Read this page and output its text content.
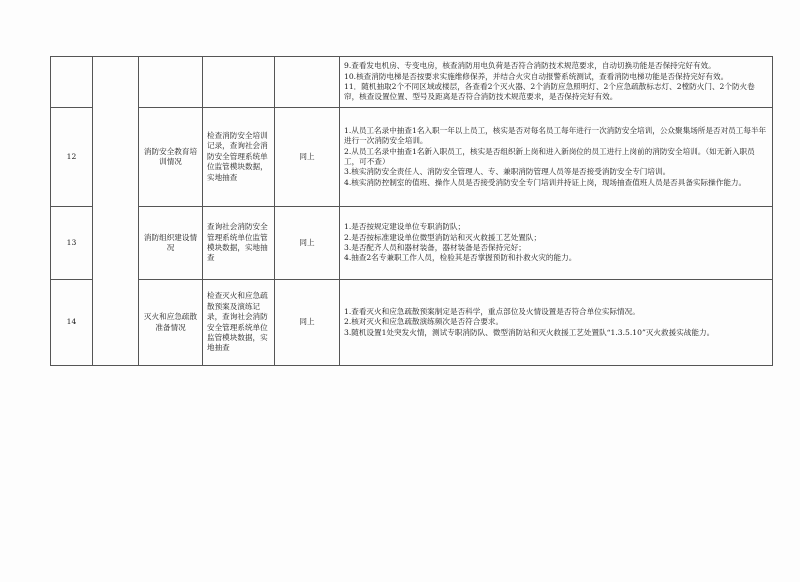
					9.查看发电机房、专变电房，核查消防用电负荷是否符合消防技术规范要求，自动切换功能是否保持完好有效。
10.核查消防电梯是否按要求实施维修保养，并结合火灾自动报警系统测试，查看消防电梯功能是否保持完好有效。
11．随机抽取2个不同区域或楼层，各查看2个灭火器、2个消防应急照明灯、2个应急疏散标志灯、2樘防火门、2个防火卷帘，核查设置位置、型号及距离是否符合消防技术规范要求，是否保持完好有效。

12		消防安全教育培训情况	检查消防安全培训记录，查询社会消防安全管理系统单位监管模块数据，实地抽查	同上	1.从员工名录中抽查1名入职一年以上员工，核实是否对每名员工每年进行一次消防安全培训，公众聚集场所是否对员工每半年进行一次消防安全培训。
2.从员工名录中抽查1名新入职员工，核实是否组织新上岗和进入新岗位的员工进行上岗前的消防安全培训。（如无新入职员工，可不查）
3.核实消防安全责任人、消防安全管理人、专、兼职消防管理人员等是否接受消防安全专门培训。
4.核实消防控制室的值班、操作人员是否接受消防安全专门培训并持证上岗，现场抽查值班人员是否具备实际操作能力。

13		消防组织建设情况	查询社会消防安全管理系统单位监管模块数据，实地抽查	同上	1.是否按规定建设单位专职消防队；
2.是否按标准建设单位微型消防站和灭火救援工艺处置队；
3.是否配齐人员和器材装备，器材装备是否保持完好；
4.抽查2名专兼职工作人员，检验其是否掌握预防和扑救火灾的能力。

14		灭火和应急疏散准备情况	检查灭火和应急疏散预案及演练记录，查询社会消防安全管理系统单位监管模块数据，实地抽查	同上	1.查看灭火和应急疏散预案制定是否科学，重点部位及火情设置是否符合单位实际情况。
2.核对灭火和应急疏散演练频次是否符合要求。
3.随机设置1处突发火情，测试专职消防队、微型消防站和灭火救援工艺处置队“1.3.5.10”灭火救援实战能力。
